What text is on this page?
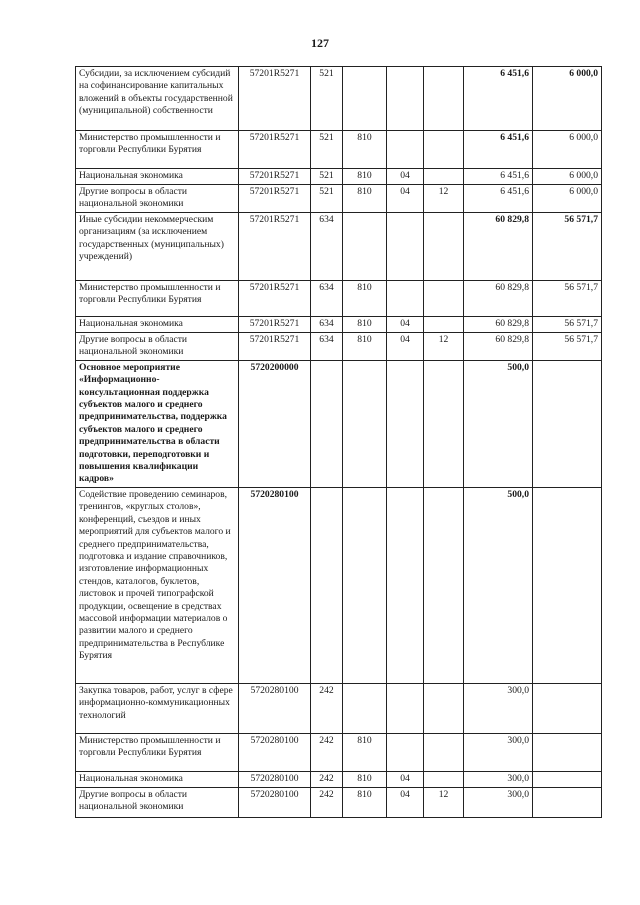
127
Субсидии, за исключением субсидий на софинансирование капитальных вложений в объекты государственной (муниципальной) собственности	57201R5271	521				6 451,6	6 000,0
Министерство промышленности и торговли Республики Бурятия	57201R5271	521	810			6 451,6	6 000,0
Национальная экономика	57201R5271	521	810	04		6 451,6	6 000,0
Другие вопросы в области национальной экономики	57201R5271	521	810	04	12	6 451,6	6 000,0
Иные субсидии некоммерческим организациям (за исключением государственных (муниципальных) учреждений)	57201R5271	634				60 829,8	56 571,7
Министерство промышленности и торговли Республики Бурятия	57201R5271	634	810			60 829,8	56 571,7
Национальная экономика	57201R5271	634	810	04		60 829,8	56 571,7
Другие вопросы в области национальной экономики	57201R5271	634	810	04	12	60 829,8	56 571,7
Основное мероприятие «Информационно-консультационная поддержка субъектов малого и среднего предпринимательства, поддержка субъектов малого и среднего предпринимательства в области подготовки, переподготовки и повышения квалификации кадров»	5720200000					500,0	
Содействие проведению семинаров, тренингов, «круглых столов», конференций, съездов и иных мероприятий для субъектов малого и среднего предпринимательства, подготовка и издание справочников, изготовление информационных стендов, каталогов, буклетов, листовок и прочей типографской продукции, освещение в средствах массовой информации материалов о развитии малого и среднего предпринимательства в Республике Бурятия	5720280100					500,0	
Закупка товаров, работ, услуг в сфере информационно-коммуникационных технологий	5720280100	242				300,0	
Министерство промышленности и торговли Республики Бурятия	5720280100	242	810			300,0	
Национальная экономика	5720280100	242	810	04		300,0	
Другие вопросы в области национальной экономики	5720280100	242	810	04	12	300,0	
